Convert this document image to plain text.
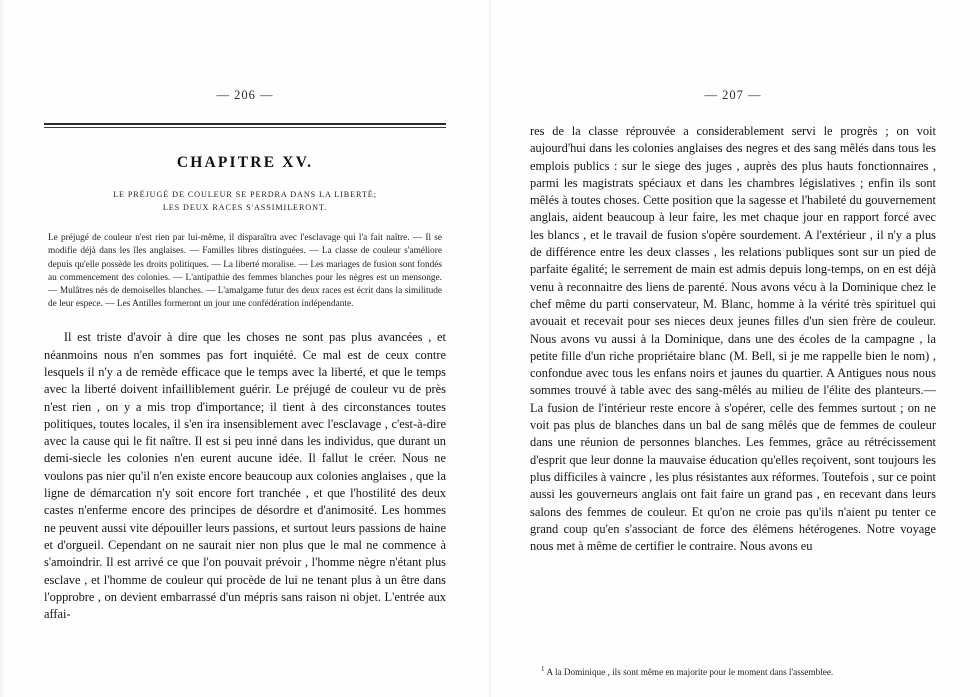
— 206 —
CHAPITRE XV.
LE PRÉJUGÉ DE COULEUR SE PERDRA DANS LA LIBERTÉ;
LES DEUX RACES S'ASSIMILERONT.
Le préjugé de couleur n'est rien par lui-même, il disparaîtra avec l'esclavage qui l'a fait naître. — Il se modifie déjà dans les îles anglaises. — Familles libres distinguées. — La classe de couleur s'améliore depuis qu'elle possède les droits politiques. — La liberté moralise. — Les mariages de fusion sont fondés au commencement des colonies. — L'antipathie des femmes blanches pour les nègres est un mensonge. — Mulâtres nés de demoiselles blanches. — L'amalgame futur des deux races est écrit dans la similitude de leur espece. — Les Antilles formeront un jour une confédération indépendante.

Il est triste d'avoir à dire que les choses ne sont pas plus avancées , et néanmoins nous n'en sommes pas fort inquiété. Ce mal est de ceux contre lesquels il n'y a de remède efficace que le temps avec la liberté, et que le temps avec la liberté doivent infailliblement guérir. Le préjugé de couleur vu de près n'est rien , on y a mis trop d'importance; il tient à des circonstances toutes politiques, toutes locales, il s'en ira insensiblement avec l'esclavage , c'est-à-dire avec la cause qui le fit naître. Il est si peu inné dans les individus, que durant un demi-siecle les colonies n'en eurent aucune idée. Il fallut le créer. Nous ne voulons pas nier qu'il n'en existe encore beaucoup aux colonies anglaises , que la ligne de démarcation n'y soit encore fort tranchée , et que l'hostilité des deux castes n'enferme encore des principes de désordre et d'animosité. Les hommes ne peuvent aussi vite dépouiller leurs passions, et surtout leurs passions de haine et d'orgueil. Cependant on ne saurait nier non plus que le mal ne commence à s'amoindrir. Il est arrivé ce que l'on pouvait prévoir , l'homme nègre n'étant plus esclave , et l'homme de couleur qui procède de lui ne tenant plus à un être dans l'opprobre , on devient embarrassé d'un mépris sans raison ni objet. L'entrée aux affai-

— 207 —

res de la classe réprouvée a considerablement servi le progrès ; on voit aujourd'hui dans les colonies anglaises des negres et des sang mêlés dans tous les emplois publics : sur le siege des juges , auprès des plus hauts fonctionnaires , parmi les magistrats spéciaux et dans les chambres législatives ; enfin ils sont mêlés à toutes choses. Cette position que la sagesse et l'habileté du gouvernement anglais, aident beaucoup à leur faire, les met chaque jour en rapport forcé avec les blancs , et le travail de fusion s'opère sourdement. A l'extérieur , il n'y a plus de différence entre les deux classes , les relations publiques sont sur un pied de parfaite égalité; le serrement de main est admis depuis long-temps, on en est déjà venu à reconnaitre des liens de parenté. Nous avons vécu à la Dominique chez le chef même du parti conservateur, M. Blanc, homme à la vérité très spirituel qui avouait et recevait pour ses nieces deux jeunes filles d'un sien frère de couleur. Nous avons vu aussi à la Dominique, dans une des écoles de la campagne , la petite fille d'un riche propriétaire blanc (M. Bell, si je me rappelle bien le nom) , confondue avec tous les enfans noirs et jaunes du quartier. A Antigues nous nous sommes trouvé à table avec des sang-mêlés au milieu de l'élite des planteurs.—La fusion de l'intérieur reste encore à s'opérer, celle des femmes surtout ; on ne voit pas plus de blanches dans un bal de sang mêlés que de femmes de couleur dans une réunion de personnes blanches. Les femmes, grâce au rétrécissement d'esprit que leur donne la mauvaise éducation qu'elles reçoivent, sont toujours les plus difficiles à vaincre , les plus résistantes aux réformes. Toutefois , sur ce point aussi les gouverneurs anglais ont fait faire un grand pas , en recevant dans leurs salons des femmes de couleur. Et qu'on ne croie pas qu'ils n'aient pu tenter ce grand coup qu'en s'associant de force des élémens hétérogenes. Notre voyage nous met à même de certifier le contraire. Nous avons eu

$^1$ A la Dominique , ils sont même en majorite pour le moment dans l'assemblee.
